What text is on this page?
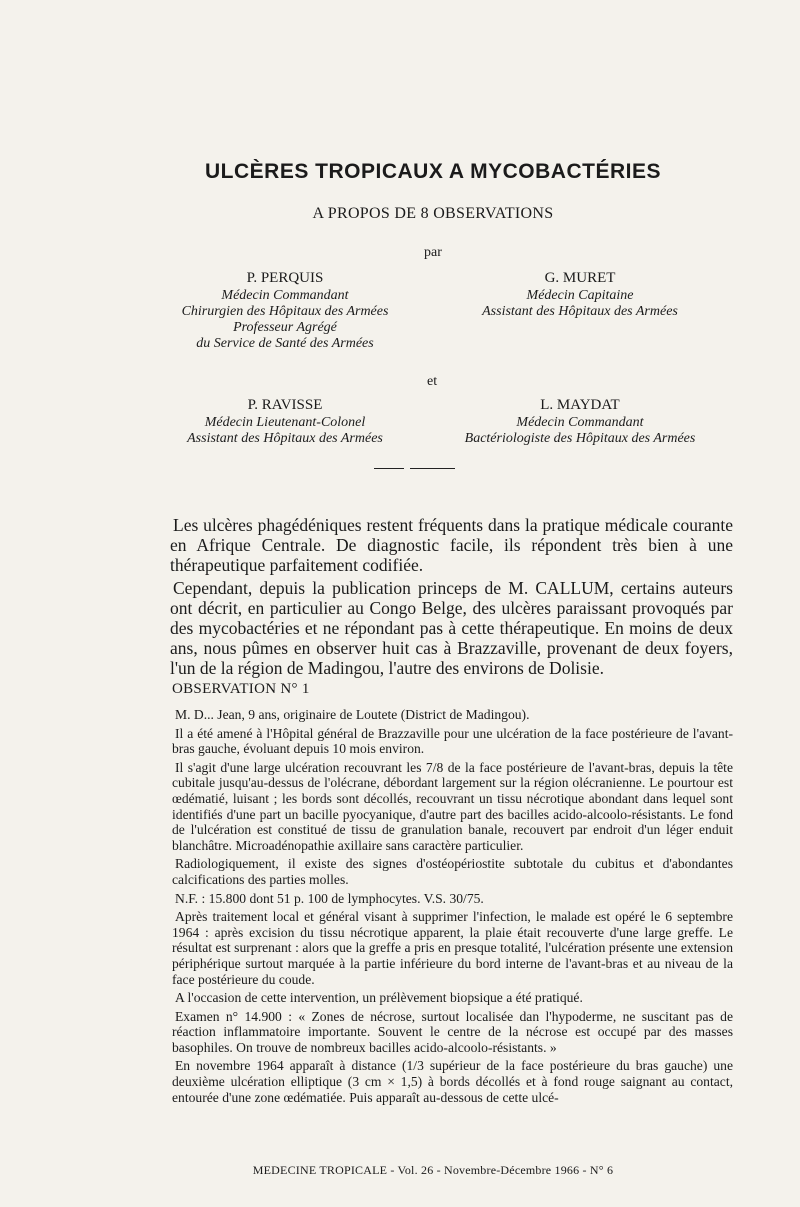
ULCÈRES TROPICAUX A MYCOBACTÉRIES
A PROPOS DE 8 OBSERVATIONS
par
P. PERQUIS
Médecin Commandant
Chirurgien des Hôpitaux des Armées
Professeur Agrégé
du Service de Santé des Armées
G. MURET
Médecin Capitaine
Assistant des Hôpitaux des Armées
et
P. RAVISSE
Médecin Lieutenant-Colonel
Assistant des Hôpitaux des Armées
L. MAYDAT
Médecin Commandant
Bactériologiste des Hôpitaux des Armées

Les ulcères phagédéniques restent fréquents dans la pratique médicale courante en Afrique Centrale. De diagnostic facile, ils répondent très bien à une thérapeutique parfaitement codifiée.

Cependant, depuis la publication princeps de M. CALLUM, certains auteurs ont décrit, en particulier au Congo Belge, des ulcères paraissant provoqués par des mycobactéries et ne répondant pas à cette thérapeutique. En moins de deux ans, nous pûmes en observer huit cas à Brazzaville, provenant de deux foyers, l'un de la région de Madingou, l'autre des environs de Dolisie.

OBSERVATION N° 1

M. D... Jean, 9 ans, originaire de Loutete (District de Madingou).

Il a été amené à l'Hôpital général de Brazzaville pour une ulcération de la face postérieure de l'avant-bras gauche, évoluant depuis 10 mois environ.

Il s'agit d'une large ulcération recouvrant les 7/8 de la face postérieure de l'avant-bras, depuis la tête cubitale jusqu'au-dessus de l'olécrane, débordant largement sur la région olécranienne. Le pourtour est œdématié, luisant ; les bords sont décollés, recouvrant un tissu nécrotique abondant dans lequel sont identifiés d'une part un bacille pyocyanique, d'autre part des bacilles acido-alcoolo-résistants. Le fond de l'ulcération est constitué de tissu de granulation banale, recouvert par endroit d'un léger enduit blanchâtre. Microadénopathie axillaire sans caractère particulier.

Radiologiquement, il existe des signes d'ostéopériostite subtotale du cubitus et d'abondantes calcifications des parties molles.

N.F. : 15.800 dont 51 p. 100 de lymphocytes. V.S. 30/75.

Après traitement local et général visant à supprimer l'infection, le malade est opéré le 6 septembre 1964 : après excision du tissu nécrotique apparent, la plaie était recouverte d'une large greffe. Le résultat est surprenant : alors que la greffe a pris en presque totalité, l'ulcération présente une extension périphérique surtout marquée à la partie inférieure du bord interne de l'avant-bras et au niveau de la face postérieure du coude.

A l'occasion de cette intervention, un prélèvement biopsique a été pratiqué.

Examen n° 14.900 : « Zones de nécrose, surtout localisée dan l'hypoderme, ne suscitant pas de réaction inflammatoire importante. Souvent le centre de la nécrose est occupé par des masses basophiles. On trouve de nombreux bacilles acido-alcoolo-résistants. »

En novembre 1964 apparaît à distance (1/3 supérieur de la face postérieure du bras gauche) une deuxième ulcération elliptique (3 cm × 1,5) à bords décollés et à fond rouge saignant au contact, entourée d'une zone œdématiée. Puis apparaît au-dessous de cette ulcé-

MEDECINE TROPICALE - Vol. 26 - Novembre-Décembre 1966 - N° 6
